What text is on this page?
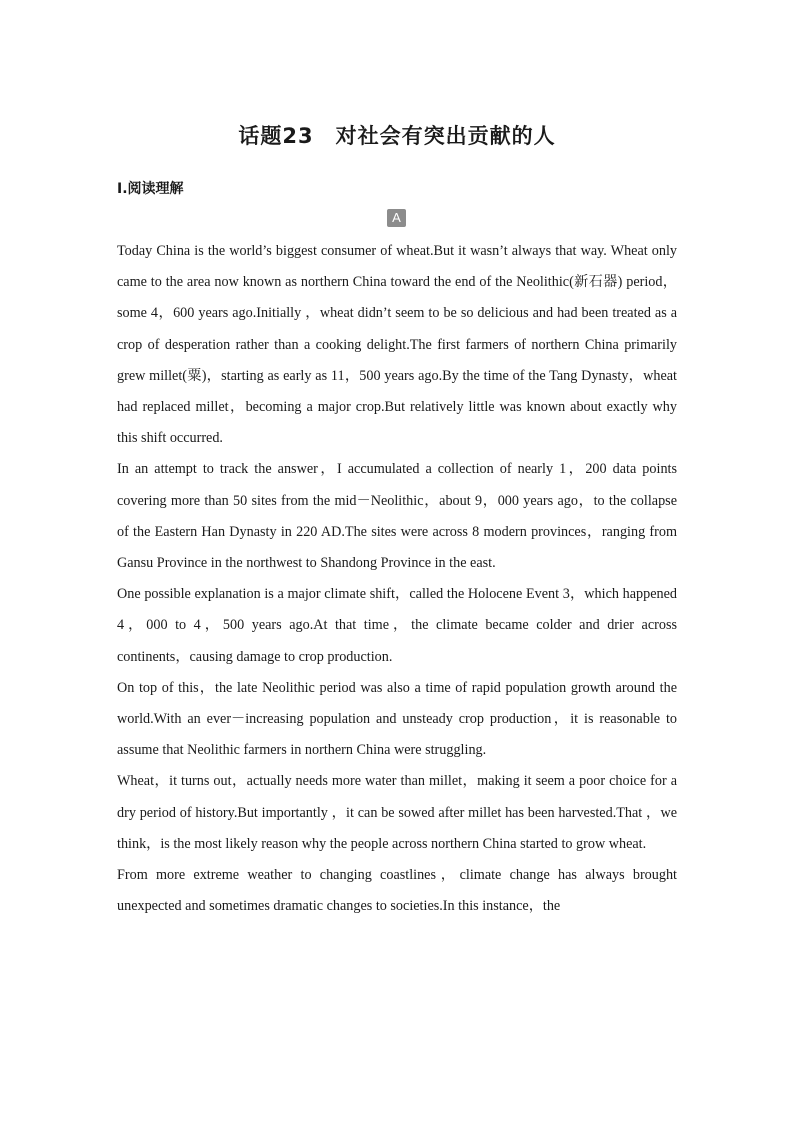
话题23 对社会有突出贡献的人
Ⅰ.阅读理解
A

Today China is the world’s biggest consumer of wheat.But it wasn’t always that way. Wheat only came to the area now known as northern China toward the end of the Neolithic(新石器) period，some 4，600 years ago.Initially ，wheat didn’t seem to be so delicious and had been treated as a crop of desperation rather than a cooking delight.The first farmers of northern China primarily grew millet(粟)，starting as early as 11，500 years ago.By the time of the Tang Dynasty，wheat had replaced millet，becoming a major crop.But relatively little was known about exactly why this shift occurred.

In an attempt to track the answer，I accumulated a collection of nearly 1，200 data points covering more than 50 sites from the mid－Neolithic，about 9，000 years ago，to the collapse of the Eastern Han Dynasty in 220 AD.The sites were across 8 modern provinces，ranging from Gansu Province in the northwest to Shandong Province in the east.

One possible explanation is a major climate shift，called the Holocene Event 3，which happened 4，000 to 4，500 years ago.At that time，the climate became colder and drier across continents，causing damage to crop production.

On top of this，the late Neolithic period was also a time of rapid population growth around the world.With an ever－increasing population and unsteady crop production，it is reasonable to assume that Neolithic farmers in northern China were struggling.

Wheat，it turns out，actually needs more water than millet，making it seem a poor choice for a dry period of history.But importantly ，it can be sowed after millet has been harvested.That ，we think，is the most likely reason why the people across northern China started to grow wheat.

From more extreme weather to changing coastlines，climate change has always brought unexpected and sometimes dramatic changes to societies.In this instance，the
